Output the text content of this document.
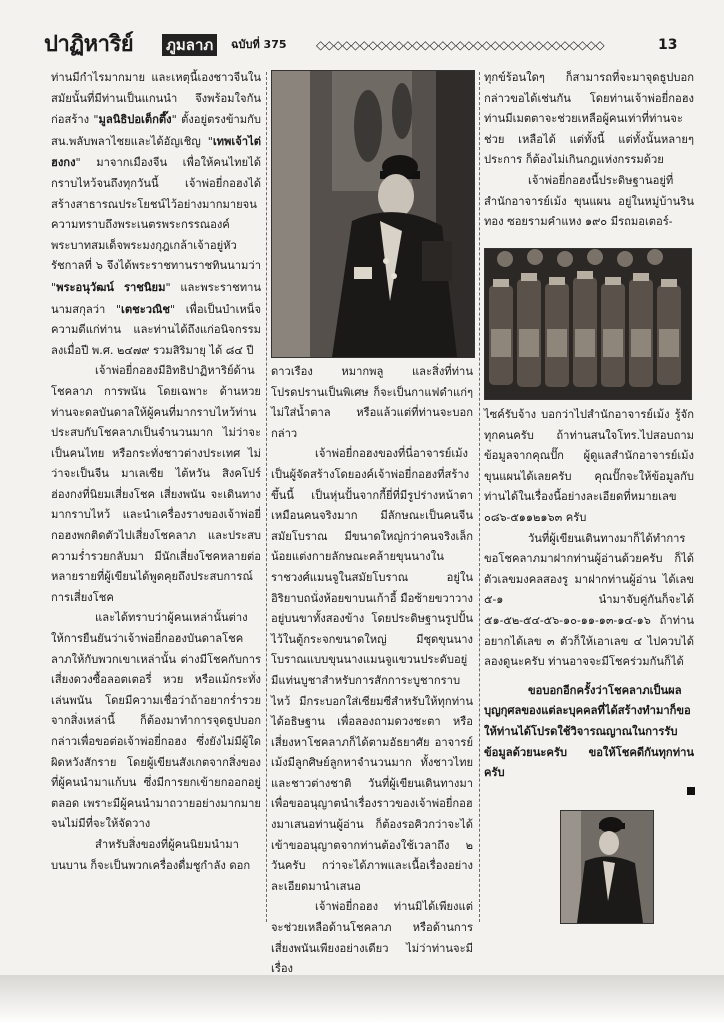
ปาฏิหาริย์ ภูมลาภ	ฉบับที่ 375 ◇◇◇◇◇◇◇◇◇◇◇◇◇◇◇◇◇◇◇◇◇◇◇◇◇◇◇◇◇◇◇◇◇	13

ท่านมีกำไรมากมาย และเหตุนี้เองชาวจีนในสมัยนั้นที่มีท่านเป็นแกนนำ จึงพร้อมใจกันก่อสร้าง "มูลนิธิปอเต็กตึ๊ง" ตั้งอยู่ตรงข้ามกับ สน.พลับพลาไชยและได้อัญเชิญ "เทพเจ้าไต่ฮงกง" มาจากเมืองจีน เพื่อให้คนไทยได้กราบไหว้จนถึงทุกวันนี้ เจ้าพ่อยี่กอฮงได้สร้างสาธารณประโยชน์ไว้อย่างมากมายจนความทราบถึงพระเนตรพระกรรณองค์พระบาทสมเด็จพระมงกุฎเกล้าเจ้าอยู่หัว รัชกาลที่ ๖ จึงได้พระราชทานราชทินนามว่า "พระอนุวัฒน์ ราชนิยม" และพระราชทานนามสกุลว่า "เตชะวณิช" เพื่อเป็นบำเหน็จความดีแก่ท่าน และท่านได้ถึงแก่อนิจกรรมลงเมื่อปี พ.ศ. ๒๔๗๙ รวมสิริมายุ ได้ ๘๔ ปี

เจ้าพ่อยี่กอฮงมีอิทธิปาฏิหาริย์ด้านโชคลาภ การพนัน โดยเฉพาะ ด้านหวย ท่านจะดลบันดาลให้ผู้คนที่มากราบไหว้ท่านประสบกับโชคลาภเป็นจำนวนมาก ไม่ว่าจะเป็นคนไทย หรือกระทั่งชาวต่างประเทศ ไม่ว่าจะเป็นจีน มาเลเซีย ไต้หวัน สิงคโปร์ ฮ่องกงที่นิยมเสี่ยงโชค เสี่ยงพนัน จะเดินทางมากราบไหว้ และนำเครื่องรางของเจ้าพ่อยี่กอฮงพกติดตัวไปเสี่ยงโชคลาภ และประสบความร่ำรวยกลับมา มีนักเสี่ยงโชคหลายต่อหลายรายที่ผู้เขียนได้พูดคุยถึงประสบการณ์การเสี่ยงโชค

และได้ทราบว่าผู้คนเหล่านั้นต่างให้การยืนยันว่าเจ้าพ่อยี่กอฮงบันดาลโชคลาภให้กับพวกเขาเหล่านั้น ต่างมีโชคกับการเสี่ยงดวงซื้อลอตเตอรี่ หวย หรือแม้กระทั่งเล่นพนัน โดยมีความเชื่อว่าถ้าอยากร่ำรวยจากสิ่งเหล่านี้ ก็ต้องมาทำการจุดธูปบอกกล่าวเพื่อขอต่อเจ้าพ่อยี่กอฮง ซึ่งยังไม่มีผู้ใดผิดหวังสักราย โดยผู้เขียนสังเกตจากสิ่งของที่ผู้คนนำมาแก้บน ซึ่งมีการยกเข้ายกออกอยู่ตลอด เพราะมีผู้คนนำมาถวายอย่างมากมายจนไม่มีที่จะให้จัดวาง

สำหรับสิ่งของที่ผู้คนนิยมนำมาบนบาน ก็จะเป็นพวกเครื่องดื่มชูกำลัง ดอก

ดาวเรือง หมากพลู และสิ่งที่ท่านโปรดปรานเป็นพิเศษ ก็จะเป็นกาแฟดำแก่ๆ ไม่ใส่น้ำตาล หรือแล้วแต่ที่ท่านจะบอกกล่าว

เจ้าพ่อยี่กอฮงของที่นี่อาจารย์เม้งเป็นผู้จัดสร้างโดยองค์เจ้าพ่อยี่กอฮงที่สร้างขึ้นนี้ เป็นหุ่นปั้นจากกี้ยี่ที่มีรูปร่างหน้าตาเหมือนคนจริงมาก มีลักษณะเป็นคนจีนสมัยโบราณ มีขนาดใหญ่กว่าคนจริงเล็กน้อยแต่งกายลักษณะคล้ายขุนนางในราชวงศ์แมนจูในสมัยโบราณ อยู่ในอิริยาบถนั่งห้อยขาบนเก้าอี้ มือซ้ายขวาวางอยู่บนขาทั้งสองข้าง โดยประดิษฐานรูปปั้นไว้ในตู้กระจกขนาดใหญ่ มีชุดขุนนางโบราณแบบขุนนางแมนจูแขวนประดับอยู่ มีแท่นบูชาสำหรับการสักการะบูชากราบไหว้ มีกระบอกใส่เซียมซีสำหรับให้ทุกท่านได้อธิษฐาน เพื่อลองถามดวงชะตา หรือเสี่ยงหาโชคลาภก็ได้ตามอัธยาศัย อาจารย์เม้งมีลูกศิษย์ลูกหาจำนวนมาก ทั้งชาวไทย และชาวต่างชาติ วันที่ผู้เขียนเดินทางมาเพื่อขออนุญาตนำเรื่องราวของเจ้าพ่อยี่กอฮงมาเสนอท่านผู้อ่าน ก็ต้องรอคิวกว่าจะได้เข้าขออนุญาตจากท่านต้องใช้เวลาถึง ๒ วันครับ กว่าจะได้ภาพและเนื้อเรื่องอย่างละเอียดมานำเสนอ

เจ้าพ่อยี่กอฮง ท่านมิได้เพียงแต่จะช่วยเหลือด้านโชคลาภ หรือด้านการเสี่ยงพนันเพียงอย่างเดียว ไม่ว่าท่านจะมีเรื่อง

ทุกข์ร้อนใดๆ ก็สามารถที่จะมาจุดธูปบอกกล่าวขอได้เช่นกัน โดยท่านเจ้าพ่อยี่กอฮงท่านมีเมตตาจะช่วยเหลือผู้คนเท่าที่ท่านจะช่วย เหลือได้ แต่ทั้งนี้ แต่ทั้งนั้นหลายๆประการ ก็ต้องไม่เกินกฎแห่งกรรมด้วย

เจ้าพ่อยี่กอฮงนี้ประดิษฐานอยู่ที่สำนักอาจารย์เม้ง ขุนแผน อยู่ในหมู่บ้านรินทอง ซอยรามคำแหง ๑๙๐ มีรถมอเตอร์-

ไซค์รับจ้าง บอกว่าไปสำนักอาจารย์เม้ง รู้จักทุกคนครับ ถ้าท่านสนใจโทร.ไปสอบถามข้อมูลจากคุณปั๊ก ผู้ดูแลสำนักอาจารย์เม้งขุนแผนได้เลยครับ คุณปั๊กจะให้ข้อมูลกับท่านได้ในเรื่องนี้อย่างละเอียดที่หมายเลข ๐๘๖-๕๑๑๒๑๖๓ ครับ

วันที่ผู้เขียนเดินทางมาก็ได้ทำการขอโชคลาภมาฝากท่านผู้อ่านด้วยครับ ก็ได้ตัวเลขมงคลสองรู มาฝากท่านผู้อ่าน ได้เลข ๕-๑ นำมาจับคู่กันก็จะได้ ๕๑-๕๒-๕๔-๕๖-๑๐-๑๑-๑๓-๑๔-๑๖ ถ้าท่านอยากได้เลข ๓ ตัวก็ให้เอาเลข ๔ ไปควบได้ลองดูนะครับ ท่านอาจจะมีโชคร่วมกันก็ได้

ขอบอกอีกครั้งว่าโชคลาภเป็นผลบุญกุศลของแต่ละบุคคลที่ได้สร้างทำมาก็ขอให้ท่านได้โปรดใช้วิจารณญาณในการรับข้อมูลด้วยนะครับ ขอให้โชคดีกันทุกท่านครับ
